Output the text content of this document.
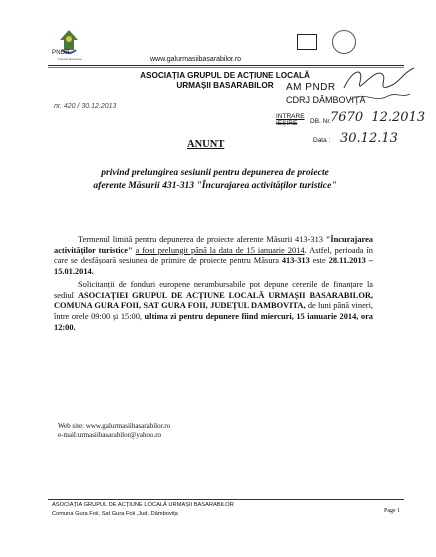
PNDR
Fonduri Europene	www.galurmasiibasarabilor.ro
ASOCIAȚIA GRUPUL DE ACȚIUNE LOCALĂ
URMAȘII BASARABILOR
nr. 420 / 30.12.2013
AM PNDR
CDRJ DÂMBOVIȚA
INTRARE
IEȘIRE	DB. Nr. 7670 12.2013
Data : 30.12.13
ANUNT
privind prelungirea sesiunii pentru depunerea de proiecte
aferente Măsurii 431-313 "Încurajarea activităților turistice"

Termenul limită pentru depunerea de proiecte aferente Măsurii 413-313 "Încurajarea activităților turistice" a fost prelungit până la data de 15 ianuarie 2014. Astfel, perioada în care se desfășoară sesiunea de primire de proiecte pentru Măsura 413-313 este 28.11.2013 –15.01.2014.

Solicitanții de fonduri europene nerambursabile pot depune cererile de finanțare la sediul ASOCIAȚIEI GRUPUL DE ACȚIUNE LOCALĂ URMAȘII BASARABILOR, COMUNA GURA FOII, SAT GURA FOII, JUDEȚUL DAMBOVITA, de luni până vineri, între orele 09:00 și 15:00, ultima zi pentru depunere fiind miercuri, 15 ianuarie 2014, ora 12:00.

Web site: www.galurmasiibasarabilor.ro
e-mail:urmasiibasarabilor@yahoo.ro
ASOCIAȚIA GRUPUL DE ACȚIUNE LOCALĂ URMAȘII BASARABILOR
Comuna Gura Foii, Sat Gura Foii ,Jud. Dâmbovița	Page 1
